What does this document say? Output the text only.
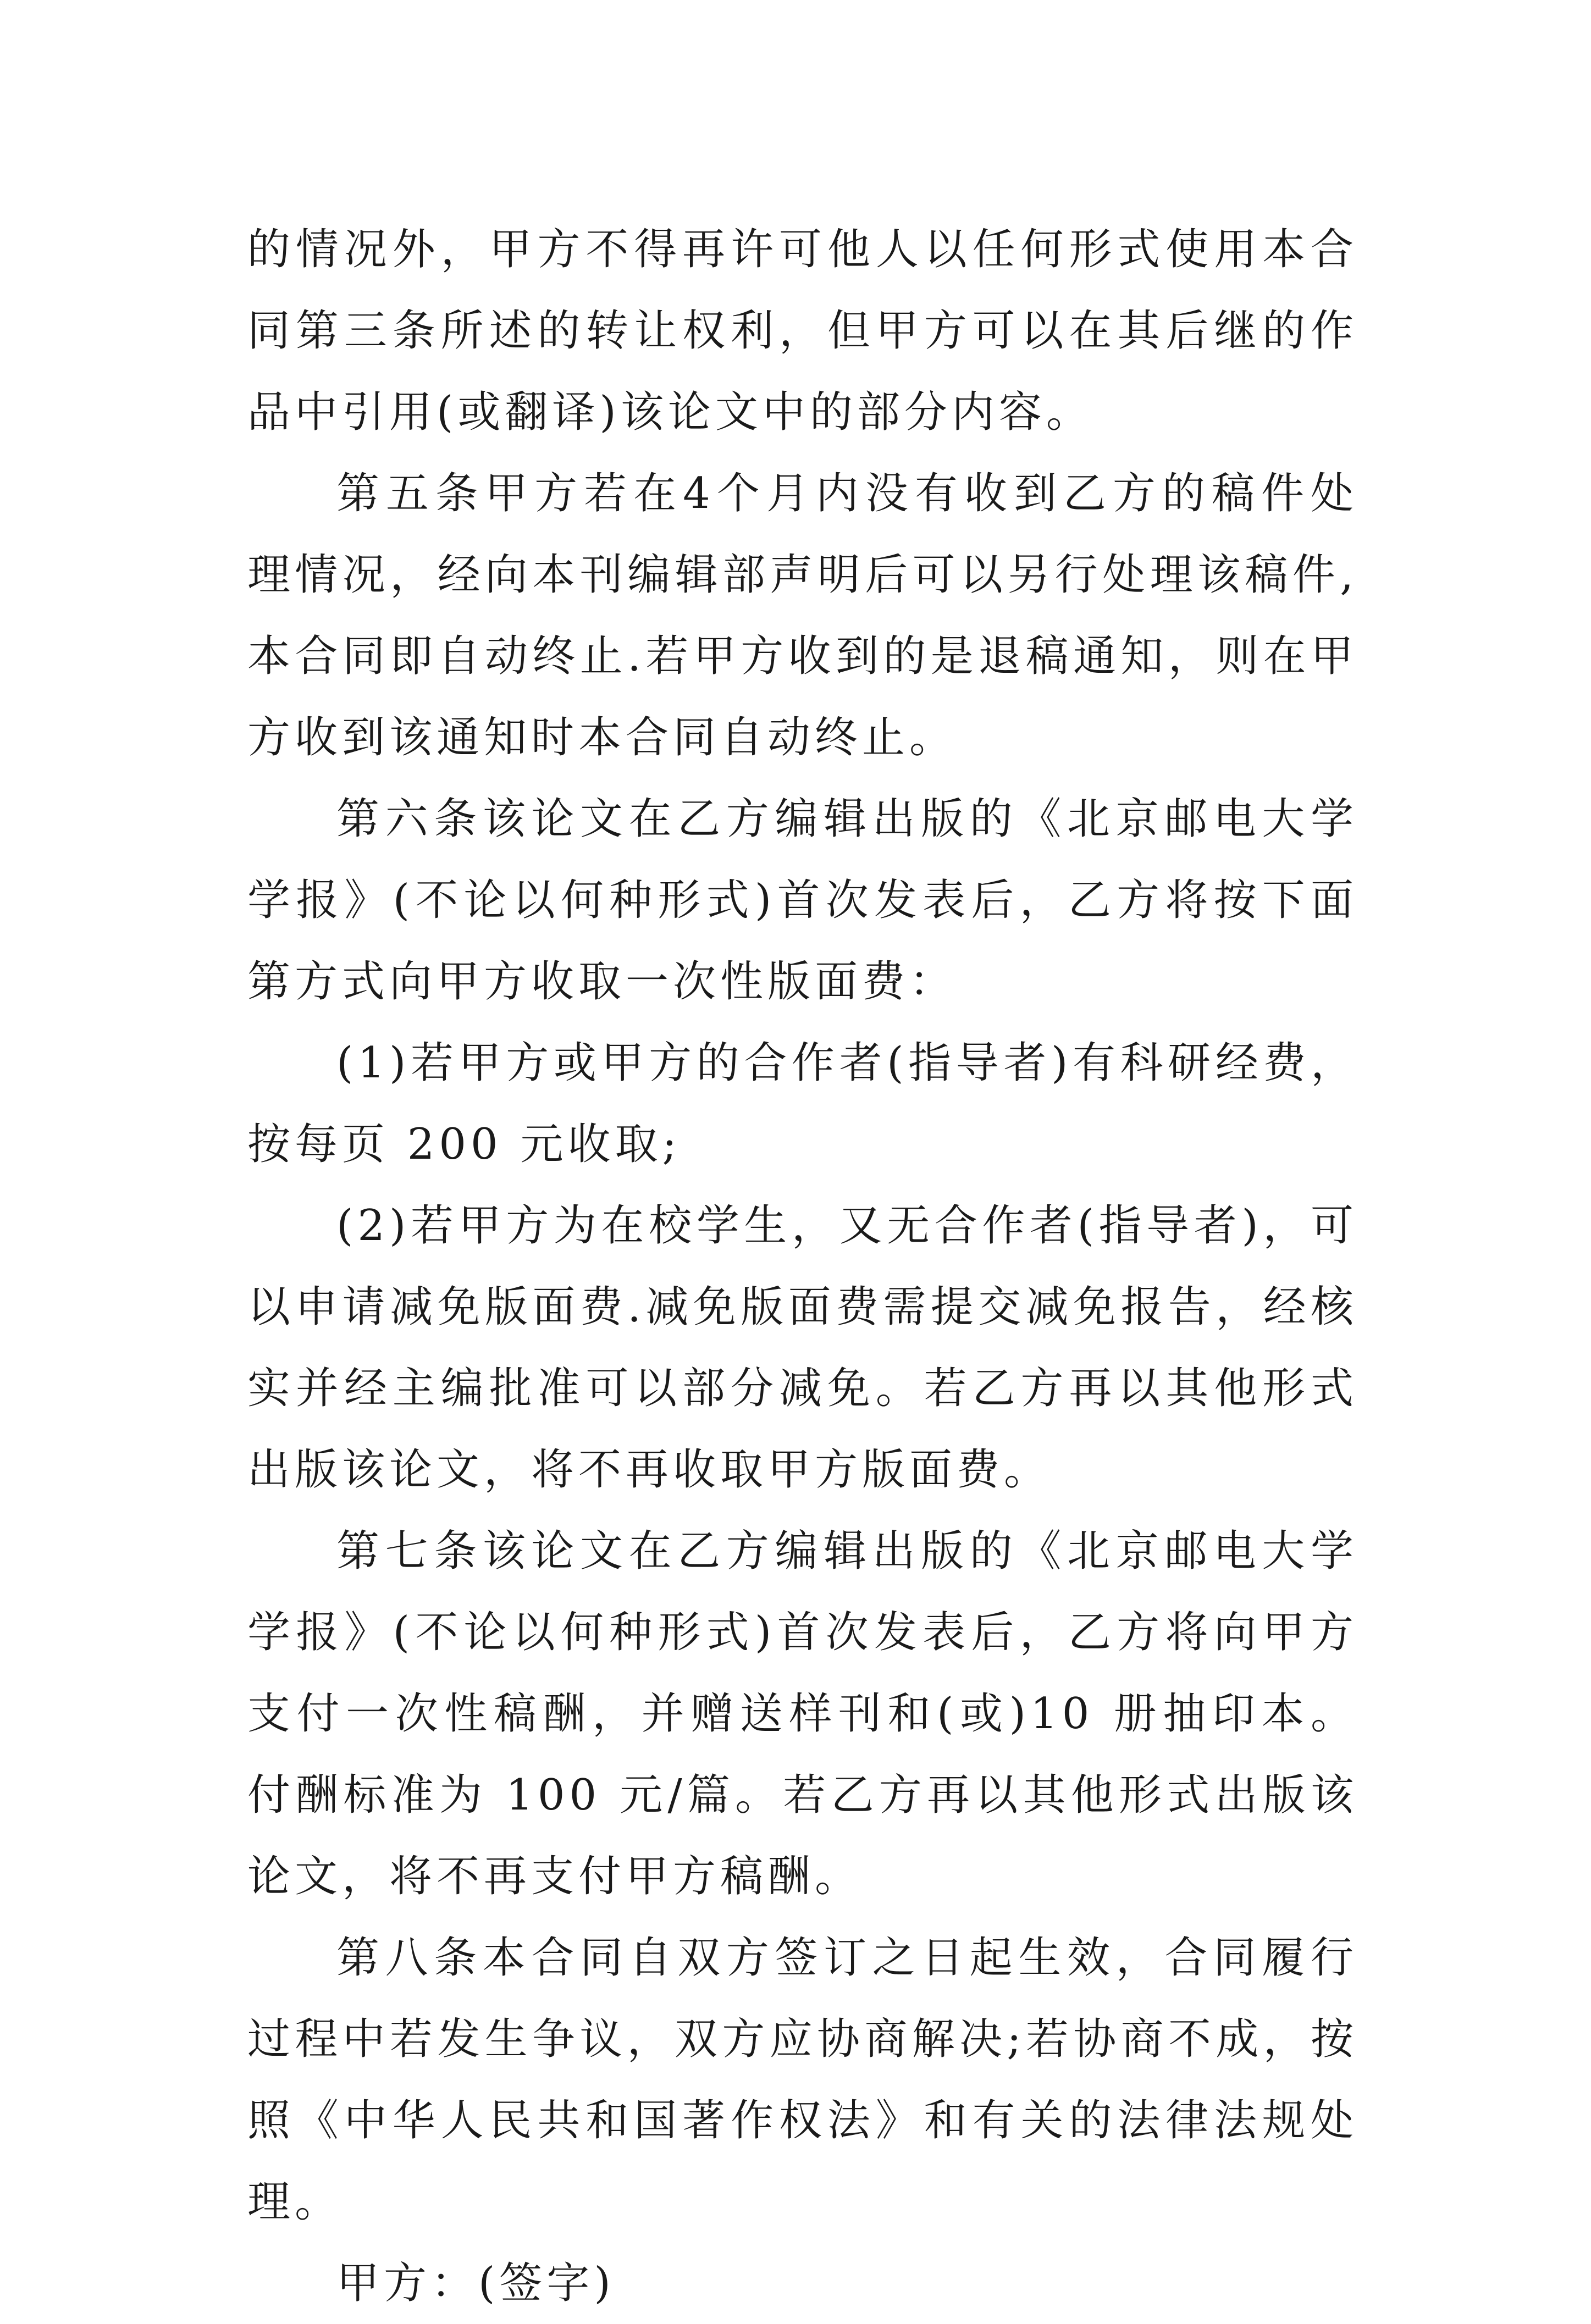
的情况外，甲方不得再许可他人以任何形式使用本合同第三条所述的转让权利，但甲方可以在其后继的作品中引用(或翻译)该论文中的部分内容。

第五条甲方若在4个月内没有收到乙方的稿件处理情况，经向本刊编辑部声明后可以另行处理该稿件,本合同即自动终止.若甲方收到的是退稿通知，则在甲方收到该通知时本合同自动终止。

第六条该论文在乙方编辑出版的《北京邮电大学学报》(不论以何种形式)首次发表后，乙方将按下面第方式向甲方收取一次性版面费：

(1)若甲方或甲方的合作者(指导者)有科研经费，按每页 200 元收取;

(2)若甲方为在校学生，又无合作者(指导者)，可以申请减免版面费.减免版面费需提交减免报告，经核实并经主编批准可以部分减免。若乙方再以其他形式出版该论文，将不再收取甲方版面费。

第七条该论文在乙方编辑出版的《北京邮电大学学报》(不论以何种形式)首次发表后，乙方将向甲方支付一次性稿酬，并赠送样刊和(或)10 册抽印本。付酬标准为 100 元/篇。若乙方再以其他形式出版该论文，将不再支付甲方稿酬。

第八条本合同自双方签订之日起生效，合同履行过程中若发生争议，双方应协商解决;若协商不成，按照《中华人民共和国著作权法》和有关的法律法规处理。

甲方：(签字)
